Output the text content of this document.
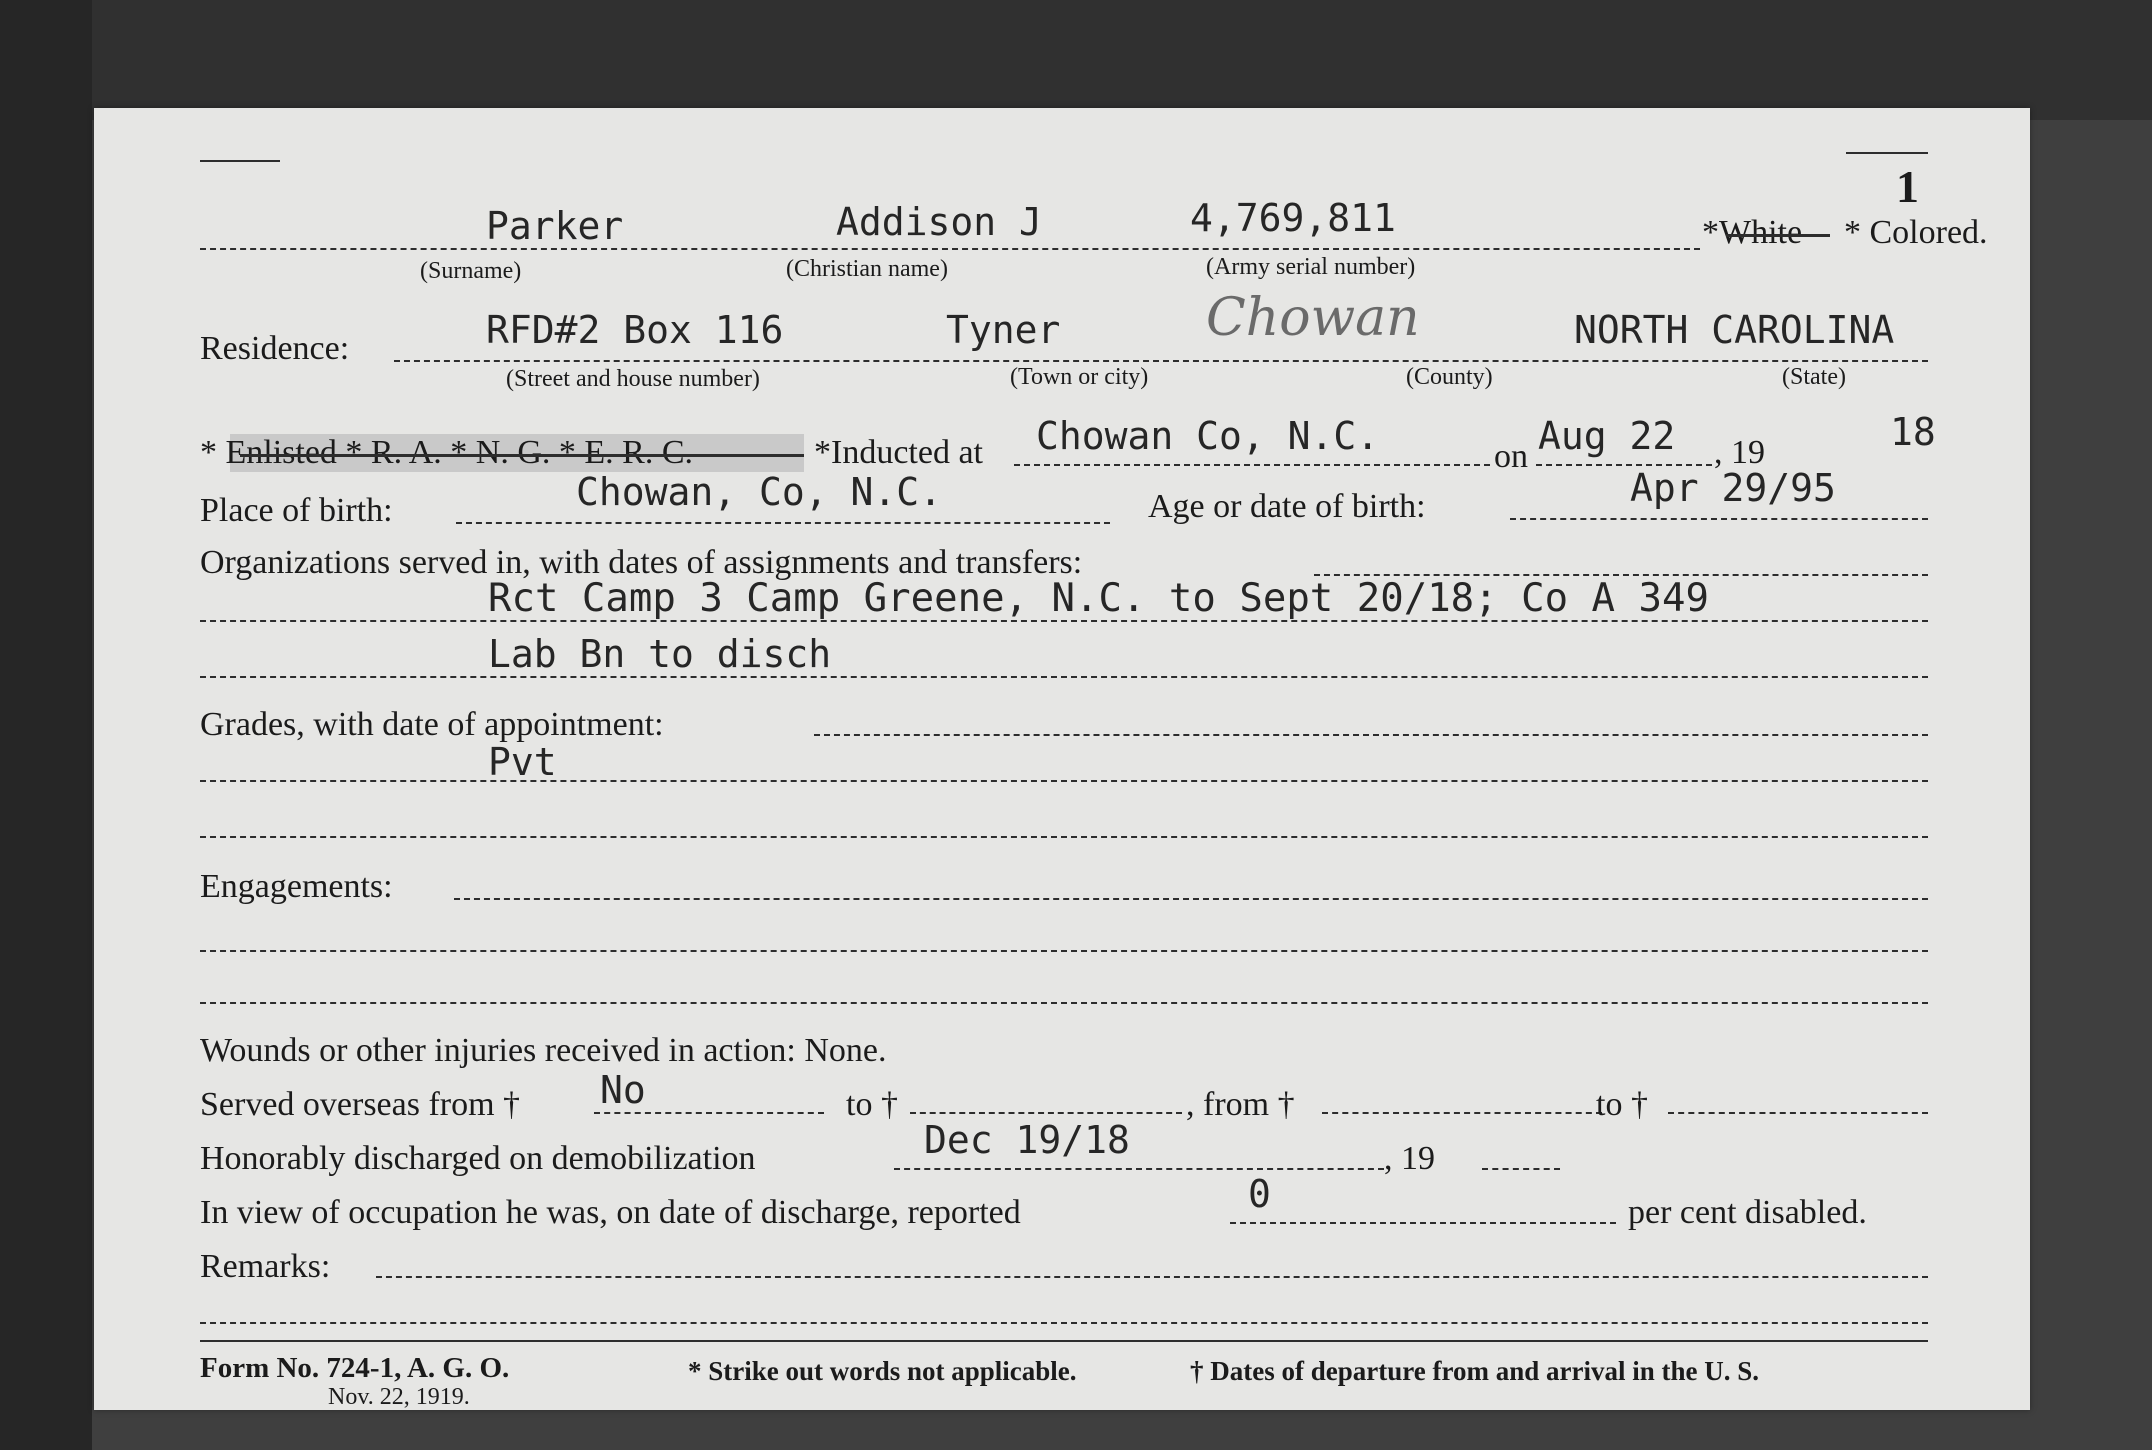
1
Parker	Addison J	4,769,811	*White * Colored.
(Surname)	(Christian name)	(Army serial number)
Residence:	RFD#2 Box 116	Tyner	Chowan	NORTH CAROLINA
(Street and house number)	(Town or city)	(County)	(State)
* Enlisted * R. A. * N. G. * E. R. C.	*Inducted at Chowan Co, N.C.	on Aug 22 , 19	18
Place of birth:	Chowan, Co, N.C.	Age or date of birth:	Apr 29/95
Organizations served in, with dates of assignments and transfers:
Rct Camp 3 Camp Greene, N.C. to Sept 20/18; Co A 349
Lab Bn to disch
Grades, with date of appointment:
Pvt
Engagements:
Wounds or other injuries received in action: None.
Served overseas from † No	to †	, from †	to †
Honorably discharged on demobilization	Dec 19/18	, 19
In view of occupation he was, on date of discharge, reported	0	per cent disabled.
Remarks:
Form No. 724-1, A. G. O.
Nov. 22, 1919.
* Strike out words not applicable.	† Dates of departure from and arrival in the U. S.
